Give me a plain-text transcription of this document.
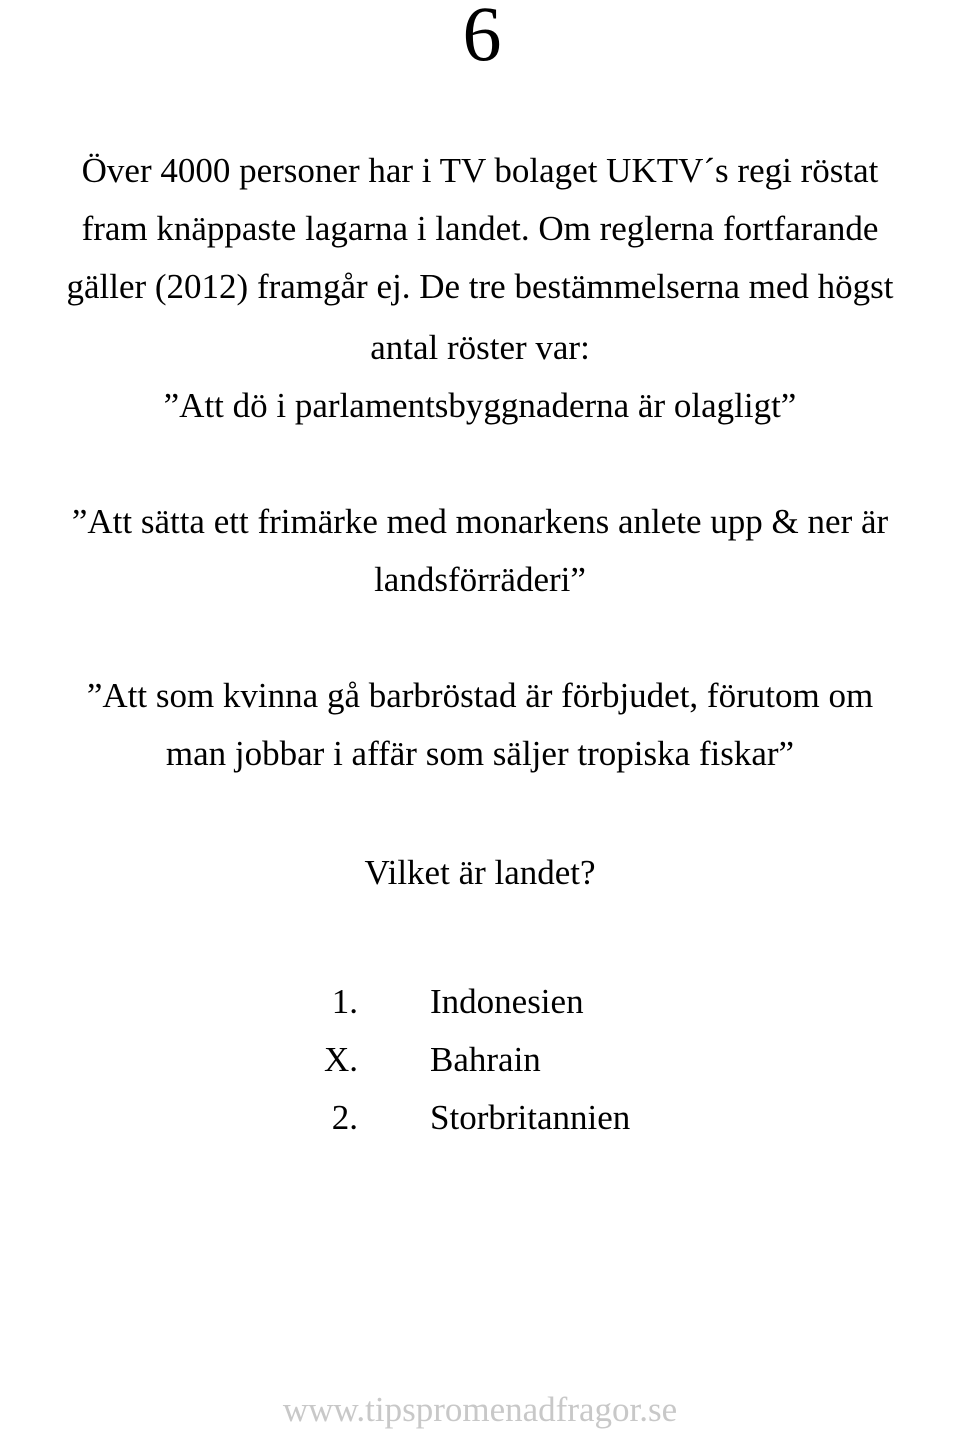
6
Över 4000 personer har i TV bolaget UKTV´s regi röstat
fram knäppaste lagarna i landet. Om reglerna fortfarande
gäller (2012) framgår ej. De tre bestämmelserna med högst
antal röster var:
”Att dö i parlamentsbyggnaderna är olagligt”
”Att sätta ett frimärke med monarkens anlete upp & ner är
landsförräderi”
”Att som kvinna gå barbröstad är förbjudet, förutom om
man jobbar i affär som säljer tropiska fiskar”
Vilket är landet?
1. Indonesien
X. Bahrain
2. Storbritannien
www.tipspromenadfragor.se
